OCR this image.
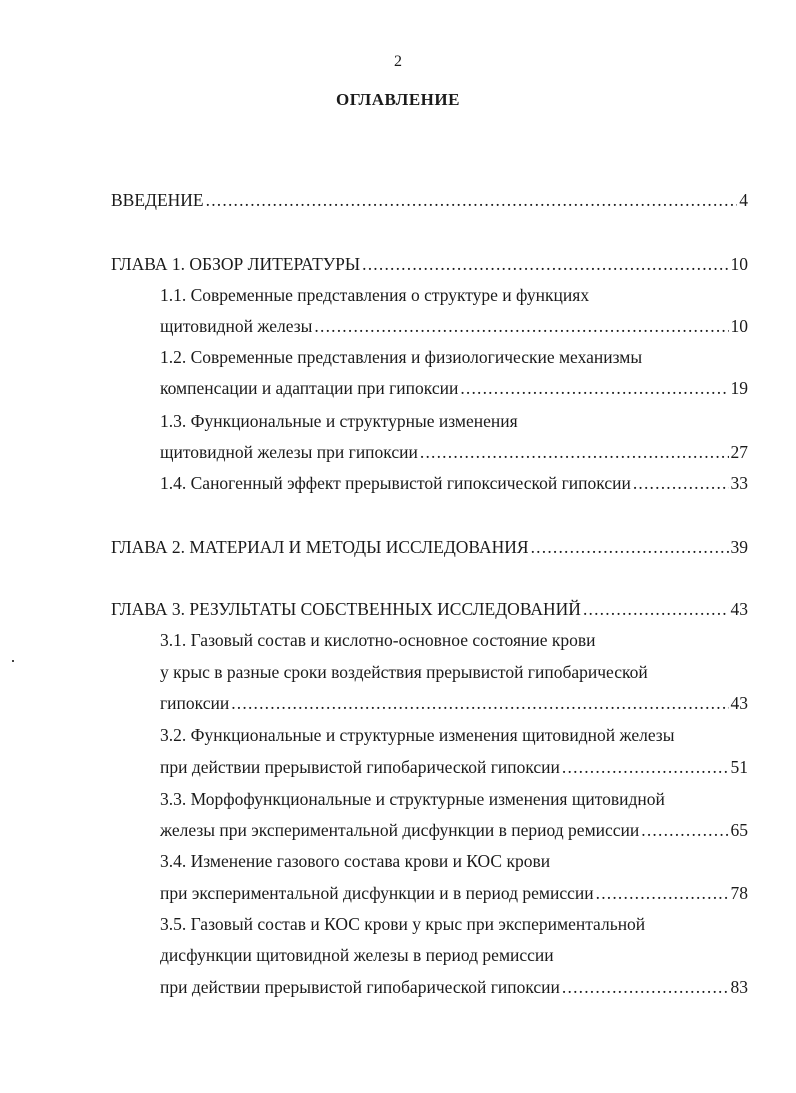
2
ОГЛАВЛЕНИЕ
ВВЕДЕНИЕ .....	4
ГЛАВА 1. ОБЗОР ЛИТЕРАТУРЫ .....	10
1.1. Современные представления о структуре и функциях
щитовидной железы .....	10
1.2. Современные представления и физиологические механизмы
компенсации и адаптации при гипоксии .....	19
1.3. Функциональные и структурные изменения
щитовидной железы при гипоксии .....	27
1.4. Саногенный эффект прерывистой гипоксической гипоксии .....	33
ГЛАВА 2. МАТЕРИАЛ И МЕТОДЫ ИССЛЕДОВАНИЯ .....	39
ГЛАВА 3. РЕЗУЛЬТАТЫ СОБСТВЕННЫХ ИССЛЕДОВАНИЙ .....	43
3.1. Газовый состав и кислотно-основное состояние крови
у крыс в разные сроки воздействия прерывистой гипобарической
гипоксии .....	43
3.2. Функциональные и структурные изменения щитовидной железы
при действии прерывистой гипобарической гипоксии .....	51
3.3. Морфофункциональные и структурные изменения щитовидной
железы при экспериментальной дисфункции в период ремиссии .....	65
3.4. Изменение газового состава крови и КОС крови
при экспериментальной дисфункции и в период ремиссии .....	78
3.5. Газовый состав и КОС крови у крыс при экспериментальной
дисфункции щитовидной железы в период ремиссии
при действии прерывистой гипобарической гипоксии .....	83
